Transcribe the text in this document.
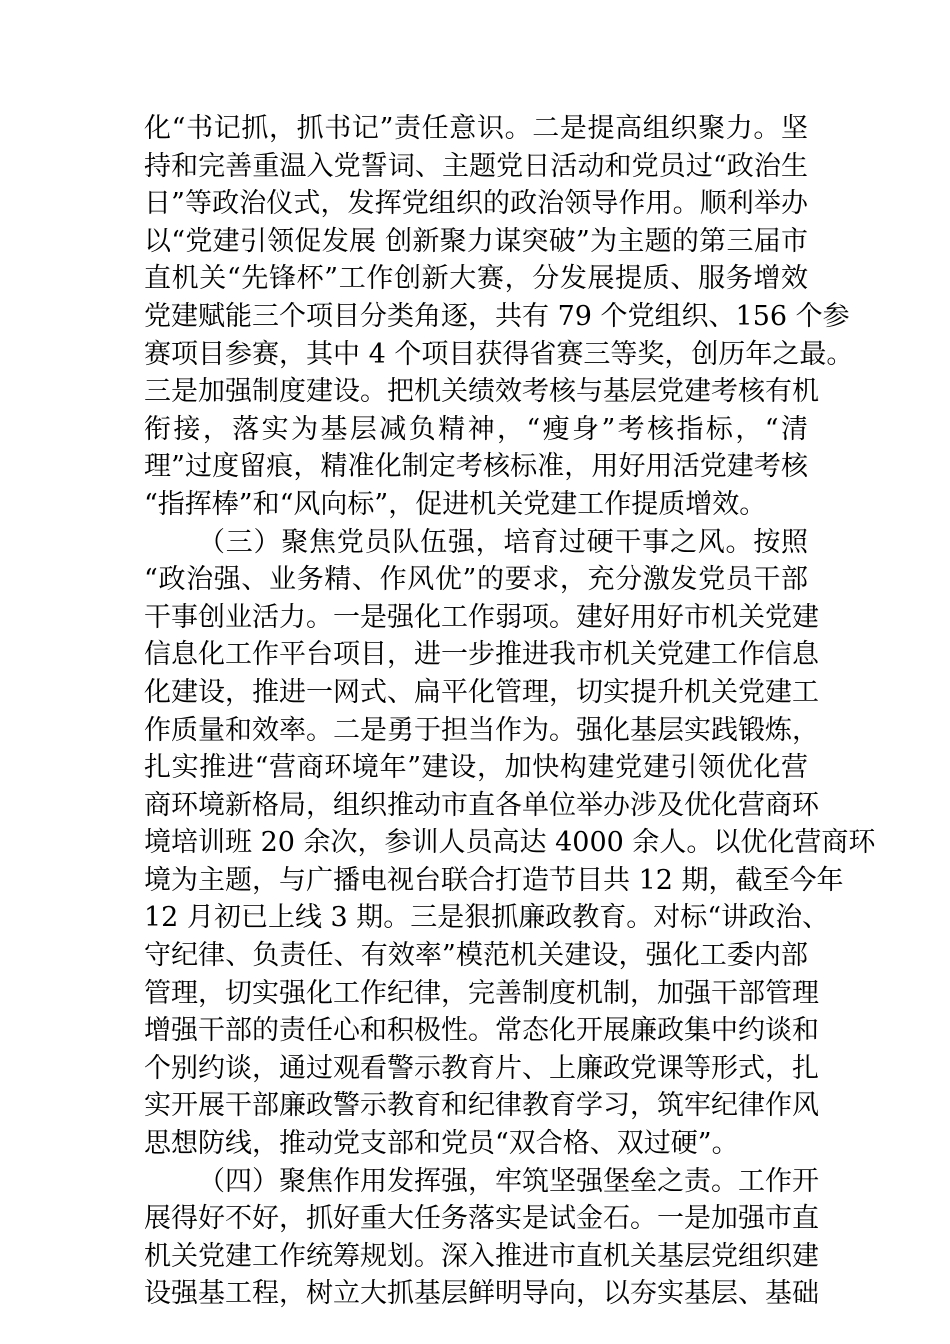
化“书记抓，抓书记”责任意识。二是提高组织聚力。坚
持和完善重温入党誓词、主题党日活动和党员过“政治生
日”等政治仪式，发挥党组织的政治领导作用。顺利举办
以“党建引领促发展 创新聚力谋突破”为主题的第三届市
直机关“先锋杯”工作创新大赛，分发展提质、服务增效
党建赋能三个项目分类角逐，共有 79 个党组织、156 个参
赛项目参赛，其中 4 个项目获得省赛三等奖，创历年之最。
三是加强制度建设。把机关绩效考核与基层党建考核有机
衔接，落实为基层减负精神，“瘦身”考核指标，“清
理”过度留痕，精准化制定考核标准，用好用活党建考核
“指挥棒”和“风向标”，促进机关党建工作提质增效。
（三）聚焦党员队伍强，培育过硬干事之风。按照
“政治强、业务精、作风优”的要求，充分激发党员干部
干事创业活力。一是强化工作弱项。建好用好市机关党建
信息化工作平台项目，进一步推进我市机关党建工作信息
化建设，推进一网式、扁平化管理，切实提升机关党建工
作质量和效率。二是勇于担当作为。强化基层实践锻炼，
扎实推进“营商环境年”建设，加快构建党建引领优化营
商环境新格局，组织推动市直各单位举办涉及优化营商环
境培训班 20 余次，参训人员高达 4000 余人。以优化营商环
境为主题，与广播电视台联合打造节目共 12 期，截至今年
12 月初已上线 3 期。三是狠抓廉政教育。对标“讲政治、
守纪律、负责任、有效率”模范机关建设，强化工委内部
管理，切实强化工作纪律，完善制度机制，加强干部管理
增强干部的责任心和积极性。常态化开展廉政集中约谈和
个别约谈，通过观看警示教育片、上廉政党课等形式，扎
实开展干部廉政警示教育和纪律教育学习，筑牢纪律作风
思想防线，推动党支部和党员“双合格、双过硬”。
（四）聚焦作用发挥强，牢筑坚强堡垒之责。工作开
展得好不好，抓好重大任务落实是试金石。一是加强市直
机关党建工作统筹规划。深入推进市直机关基层党组织建
设强基工程，树立大抓基层鲜明导向，以夯实基层、基础
